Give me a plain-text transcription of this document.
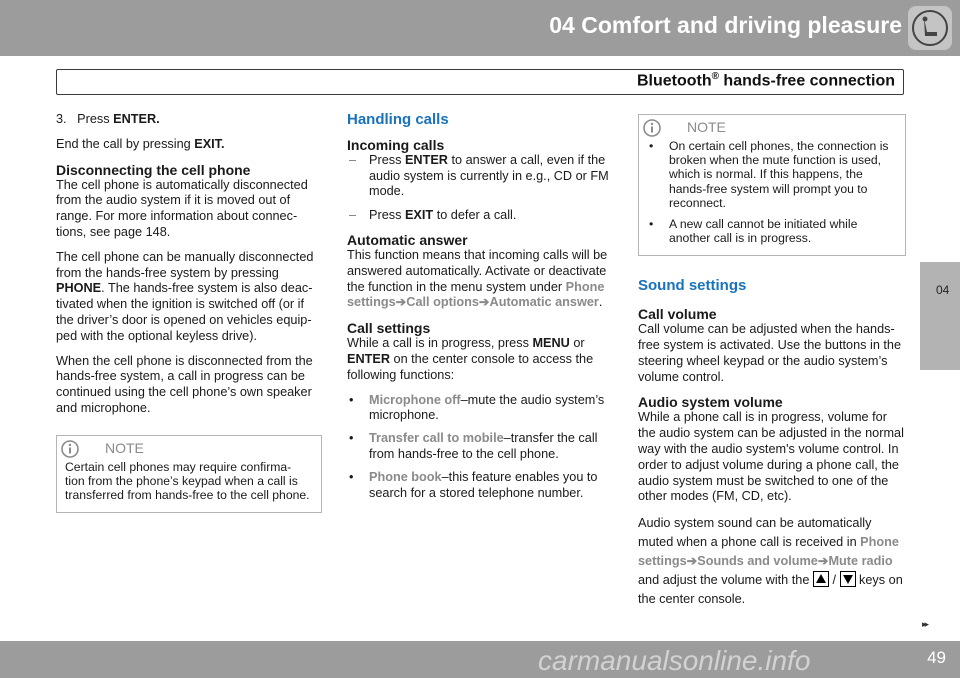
04 Comfort and driving pleasure
Bluetooth® hands-free connection
04

3. Press ENTER.

End the call by pressing EXIT.

Disconnecting the cell phone

The cell phone is automatically disconnected from the audio system if it is moved out of range. For more information about connec- tions, see page 148.

The cell phone can be manually disconnected from the hands-free system by pressing PHONE. The hands-free system is also deac- tivated when the ignition is switched off (or if the driver’s door is opened on vehicles equip- ped with the optional keyless drive).

When the cell phone is disconnected from the hands-free system, a call in progress can be continued using the cell phone’s own speaker and microphone.

NOTE
Certain cell phones may require confirma- tion from the phone’s keypad when a call is transferred from hands-free to the cell phone.
Handling calls
Incoming calls
– Press ENTER to answer a call, even if the audio system is currently in e.g., CD or FM mode.
– Press EXIT to defer a call.
Automatic answer

This function means that incoming calls will be answered automatically. Activate or deactivate the function in the menu system under Phone settings➔Call options➔Automatic answer.

Call settings

While a call is in progress, press MENU or ENTER on the center console to access the following functions:

• Microphone off–mute the audio system’s microphone.
• Transfer call to mobile–transfer the call from hands-free to the cell phone.
• Phone book–this feature enables you to search for a stored telephone number.
NOTE
• On certain cell phones, the connection is broken when the mute function is used, which is normal. If this happens, the hands-free system will prompt you to reconnect.
• A new call cannot be initiated while another call is in progress.
Sound settings
Call volume

Call volume can be adjusted when the hands- free system is activated. Use the buttons in the steering wheel keypad or the audio system’s volume control.

Audio system volume

While a phone call is in progress, volume for the audio system can be adjusted in the normal way with the audio system's volume control. In order to adjust volume during a phone call, the audio system must be switched to one of the other modes (FM, CD, etc).

Audio system sound can be automatically muted when a phone call is received in Phone settings➔Sounds and volume➔Mute radio and adjust the volume with the
/
keys on the center console.

▸▸
carmanualsonline.info	49
